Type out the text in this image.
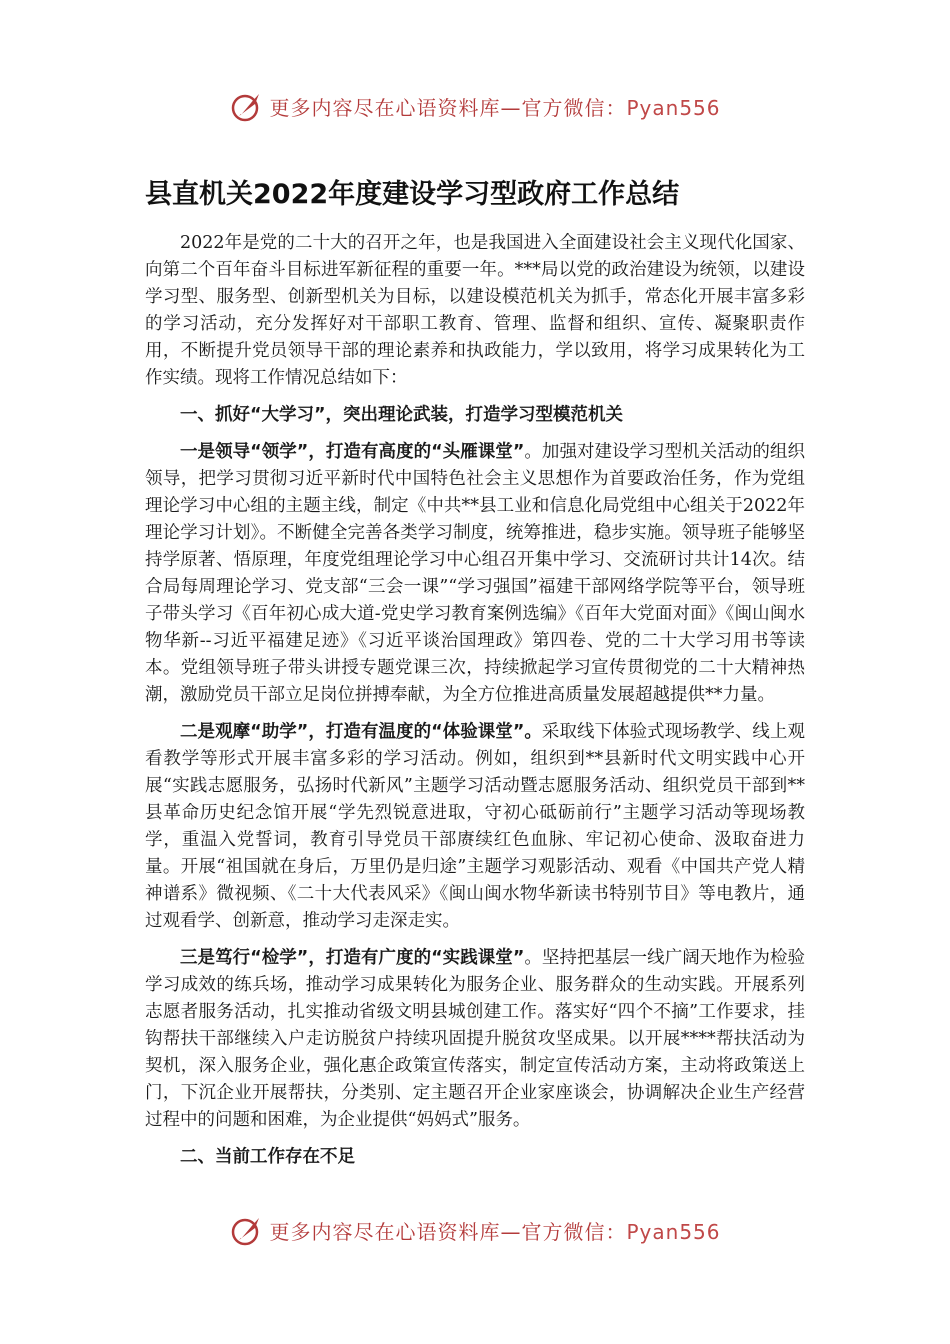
更多内容尽在心语资料库—官方微信：Pyan556
县直机关2022年度建设学习型政府工作总结

2022年是党的二十大的召开之年，也是我国进入全面建设社会主义现代化国家、向第二个百年奋斗目标进军新征程的重要一年。***局以党的政治建设为统领，以建设学习型、服务型、创新型机关为目标，以建设模范机关为抓手，常态化开展丰富多彩的学习活动，充分发挥好对干部职工教育、管理、监督和组织、宣传、凝聚职责作用，不断提升党员领导干部的理论素养和执政能力，学以致用，将学习成果转化为工作实绩。现将工作情况总结如下：

一、抓好“大学习”，突出理论武装，打造学习型模范机关

一是领导“领学”，打造有高度的“头雁课堂”。加强对建设学习型机关活动的组织领导，把学习贯彻习近平新时代中国特色社会主义思想作为首要政治任务，作为党组理论学习中心组的主题主线，制定《中共**县工业和信息化局党组中心组关于2022年理论学习计划》。不断健全完善各类学习制度，统筹推进，稳步实施。领导班子能够坚持学原著、悟原理，年度党组理论学习中心组召开集中学习、交流研讨共计14次。结合局每周理论学习、党支部“三会一课”“学习强国”福建干部网络学院等平台，领导班子带头学习《百年初心成大道-党史学习教育案例选编》《百年大党面对面》《闽山闽水物华新--习近平福建足迹》《习近平谈治国理政》第四卷、党的二十大学习用书等读本。党组领导班子带头讲授专题党课三次，持续掀起学习宣传贯彻党的二十大精神热潮，激励党员干部立足岗位拼搏奉献，为全方位推进高质量发展超越提供**力量。

二是观摩“助学”，打造有温度的“体验课堂”。采取线下体验式现场教学、线上观看教学等形式开展丰富多彩的学习活动。例如，组织到**县新时代文明实践中心开展“实践志愿服务，弘扬时代新风”主题学习活动暨志愿服务活动、组织党员干部到**县革命历史纪念馆开展“学先烈锐意进取，守初心砥砺前行”主题学习活动等现场教学，重温入党誓词，教育引导党员干部赓续红色血脉、牢记初心使命、汲取奋进力量。开展“祖国就在身后，万里仍是归途”主题学习观影活动、观看《中国共产党人精神谱系》微视频、《二十大代表风采》《闽山闽水物华新读书特别节目》等电教片，通过观看学、创新意，推动学习走深走实。

三是笃行“检学”，打造有广度的“实践课堂”。坚持把基层一线广阔天地作为检验学习成效的练兵场，推动学习成果转化为服务企业、服务群众的生动实践。开展系列志愿者服务活动，扎实推动省级文明县城创建工作。落实好“四个不摘”工作要求，挂钩帮扶干部继续入户走访脱贫户持续巩固提升脱贫攻坚成果。以开展****帮扶活动为契机，深入服务企业，强化惠企政策宣传落实，制定宣传活动方案，主动将政策送上门，下沉企业开展帮扶，分类别、定主题召开企业家座谈会，协调解决企业生产经营过程中的问题和困难，为企业提供“妈妈式”服务。

二、当前工作存在不足

更多内容尽在心语资料库—官方微信：Pyan556
